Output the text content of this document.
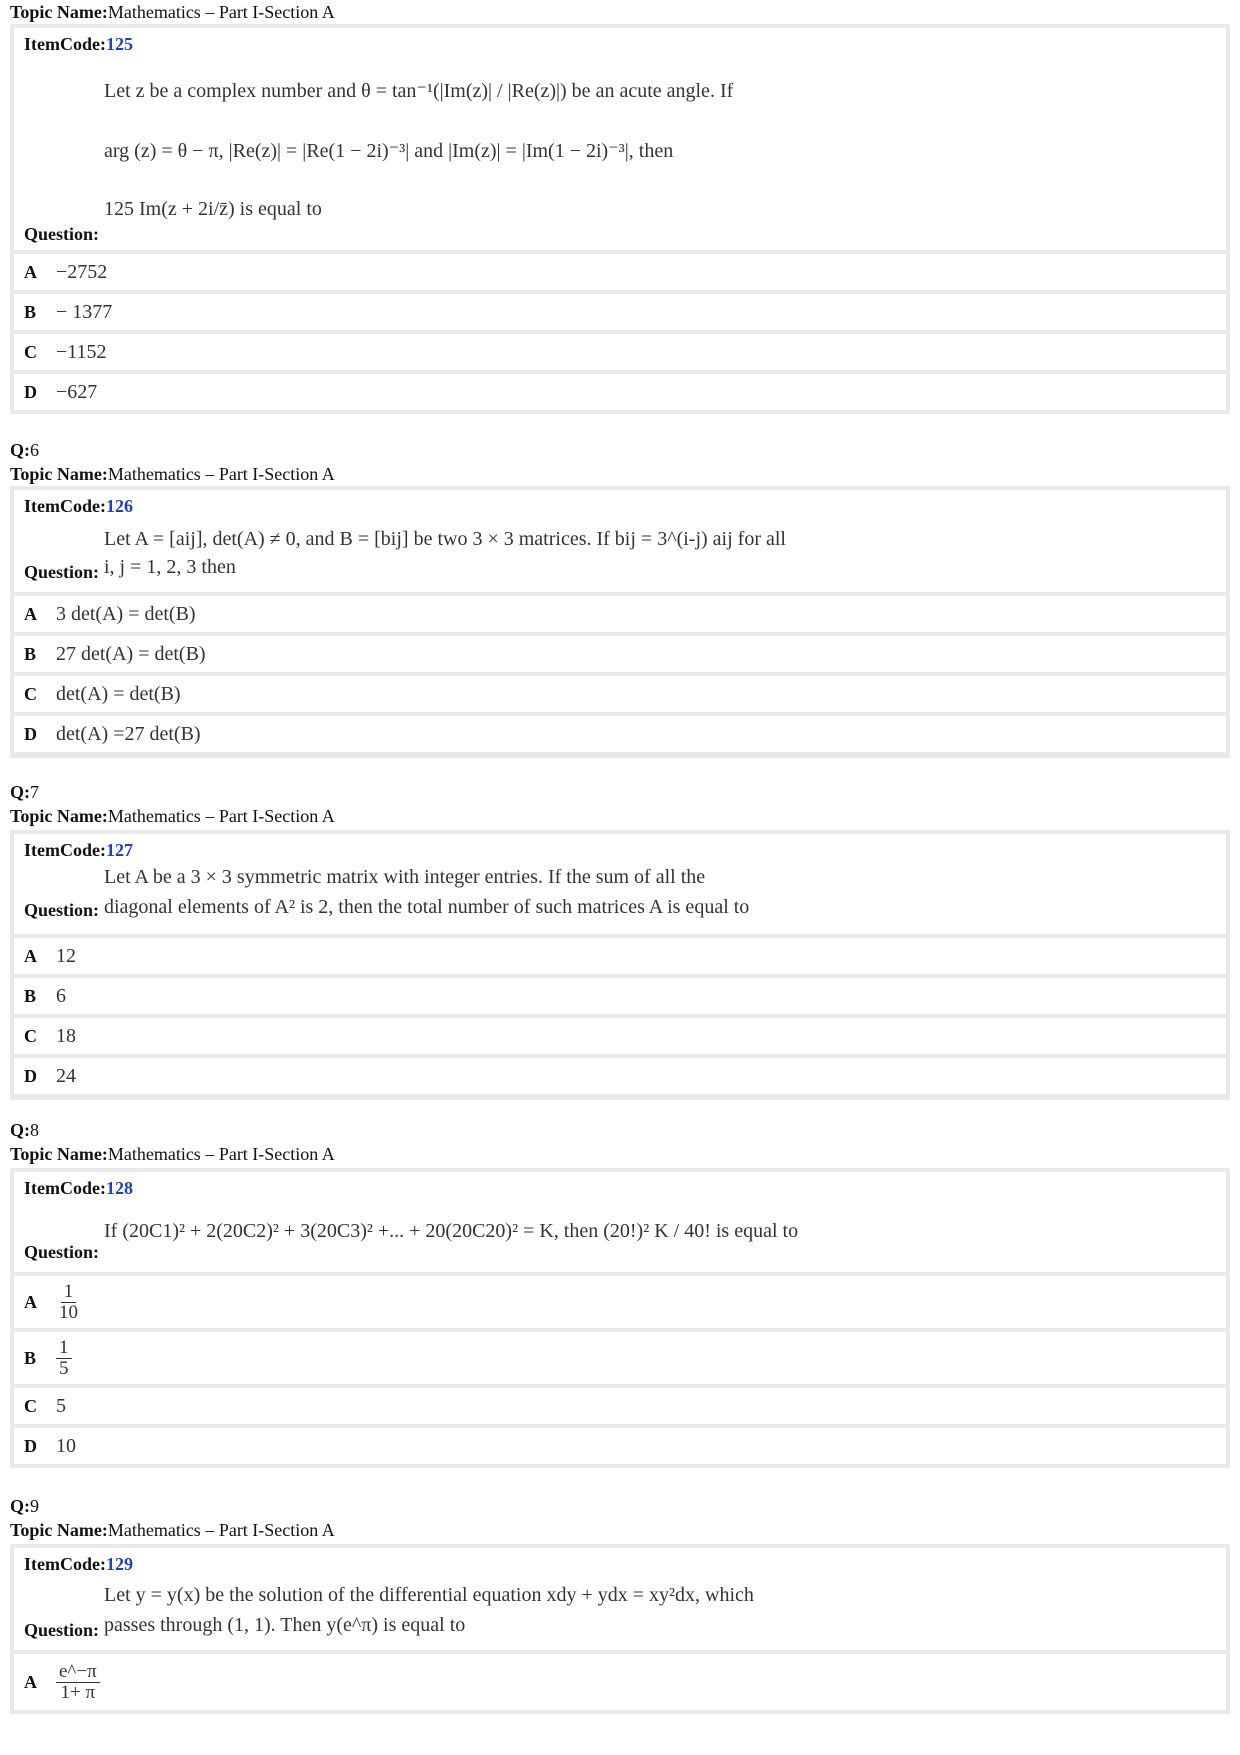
Topic Name:Mathematics – Part I-Section A
ItemCode:125
Let z be a complex number and θ = tan⁻¹(|Im(z)| / |Re(z)|) be an acute angle. If
arg (z) = θ − π, |Re(z)| = |Re(1 − 2i)⁻³| and |Im(z)| = |Im(1 − 2i)⁻³|, then
125 Im(z + 2i/z̄) is equal to
Question:
A −2752
B − 1377
C −1152
D −627
Q:6
Topic Name:Mathematics – Part I-Section A
ItemCode:126
Let A = [aij], det(A) ≠ 0, and B = [bij] be two 3 × 3 matrices. If bij = 3^(i-j) aij for all
i, j = 1, 2, 3 then
Question:
A 3 det(A) = det(B)
B 27 det(A) = det(B)
C det(A) = det(B)
D det(A) =27 det(B)
Q:7
Topic Name:Mathematics – Part I-Section A
ItemCode:127
Let A be a 3 × 3 symmetric matrix with integer entries. If the sum of all the
diagonal elements of A² is 2, then the total number of such matrices A is equal to
Question:
A 12
B 6
C 18
D 24
Q:8
Topic Name:Mathematics – Part I-Section A
ItemCode:128
If (20C1)² + 2(20C2)² + 3(20C3)² +... + 20(20C20)² = K, then (20!)² K / 40! is equal to
Question:
A	$\frac{1}{10}$
B	$\frac{1}{5}$
C 5
D 10
Q:9
Topic Name:Mathematics – Part I-Section A
ItemCode:129
Let y = y(x) be the solution of the differential equation xdy + ydx = xy²dx, which
passes through (1, 1). Then y(e^π) is equal to
Question:
A	$\frac{e\^{}-\pi}{1+ \pi}$
